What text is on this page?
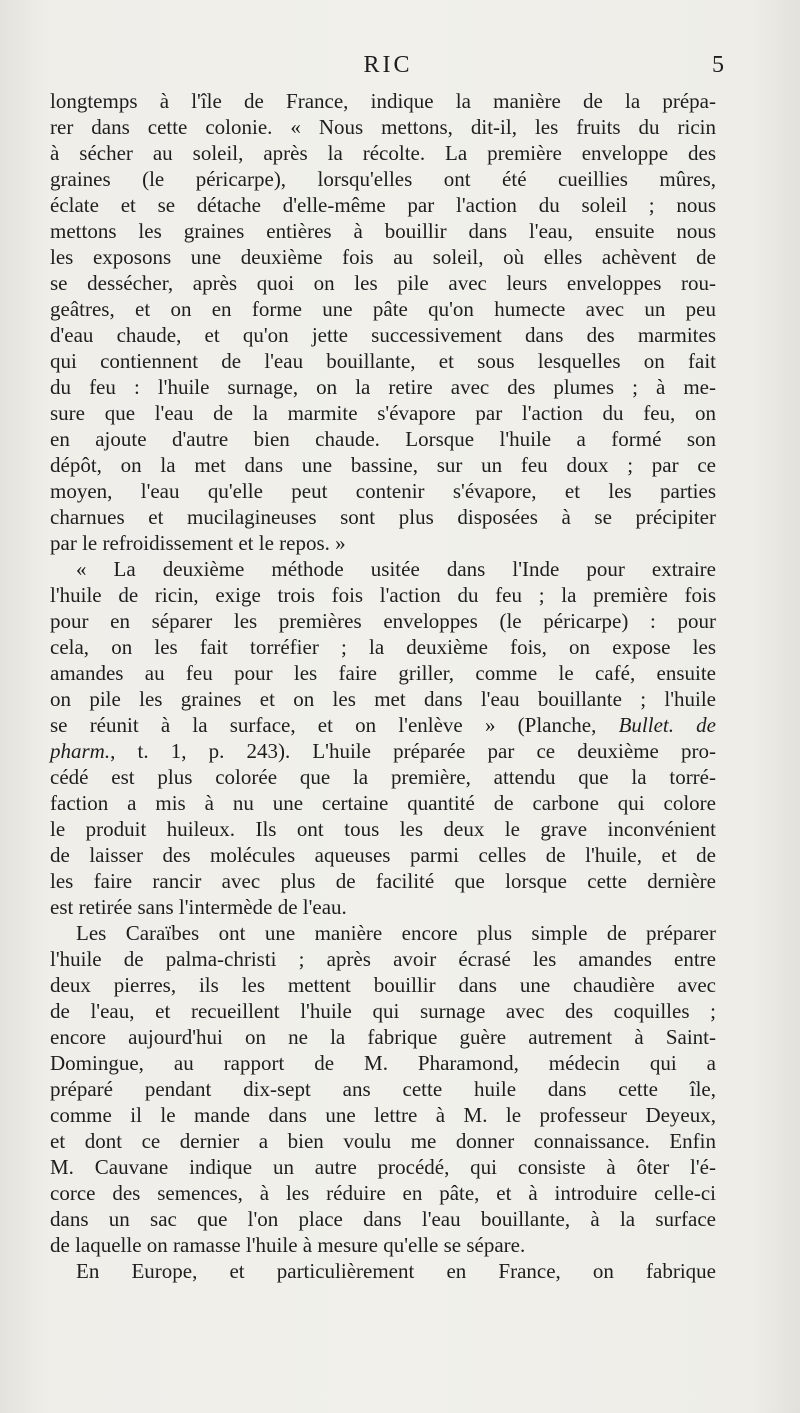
RIC	5
longtemps à l'île de France, indique la manière de la prépa-
rer dans cette colonie. « Nous mettons, dit-il, les fruits du ricin
à sécher au soleil, après la récolte. La première enveloppe des
graines (le péricarpe), lorsqu'elles ont été cueillies mûres,
éclate et se détache d'elle-même par l'action du soleil ; nous
mettons les graines entières à bouillir dans l'eau, ensuite nous
les exposons une deuxième fois au soleil, où elles achèvent de
se dessécher, après quoi on les pile avec leurs enveloppes rou-
geâtres, et on en forme une pâte qu'on humecte avec un peu
d'eau chaude, et qu'on jette successivement dans des marmites
qui contiennent de l'eau bouillante, et sous lesquelles on fait
du feu : l'huile surnage, on la retire avec des plumes ; à me-
sure que l'eau de la marmite s'évapore par l'action du feu, on
en ajoute d'autre bien chaude. Lorsque l'huile a formé son
dépôt, on la met dans une bassine, sur un feu doux ; par ce
moyen, l'eau qu'elle peut contenir s'évapore, et les parties
charnues et mucilagineuses sont plus disposées à se précipiter
par le refroidissement et le repos. »
« La deuxième méthode usitée dans l'Inde pour extraire
l'huile de ricin, exige trois fois l'action du feu ; la première fois
pour en séparer les premières enveloppes (le péricarpe) : pour
cela, on les fait torréfier ; la deuxième fois, on expose les
amandes au feu pour les faire griller, comme le café, ensuite
on pile les graines et on les met dans l'eau bouillante ; l'huile
se réunit à la surface, et on l'enlève » (Planche, Bullet. de
pharm., t. 1, p. 243). L'huile préparée par ce deuxième pro-
cédé est plus colorée que la première, attendu que la torré-
faction a mis à nu une certaine quantité de carbone qui colore
le produit huileux. Ils ont tous les deux le grave inconvénient
de laisser des molécules aqueuses parmi celles de l'huile, et de
les faire rancir avec plus de facilité que lorsque cette dernière
est retirée sans l'intermède de l'eau.
Les Caraïbes ont une manière encore plus simple de préparer
l'huile de palma-christi ; après avoir écrasé les amandes entre
deux pierres, ils les mettent bouillir dans une chaudière avec
de l'eau, et recueillent l'huile qui surnage avec des coquilles ;
encore aujourd'hui on ne la fabrique guère autrement à Saint-
Domingue, au rapport de M. Pharamond, médecin qui a
préparé pendant dix-sept ans cette huile dans cette île,
comme il le mande dans une lettre à M. le professeur Deyeux,
et dont ce dernier a bien voulu me donner connaissance. Enfin
M. Cauvane indique un autre procédé, qui consiste à ôter l'é-
corce des semences, à les réduire en pâte, et à introduire celle-ci
dans un sac que l'on place dans l'eau bouillante, à la surface
de laquelle on ramasse l'huile à mesure qu'elle se sépare.
En Europe, et particulièrement en France, on fabrique
